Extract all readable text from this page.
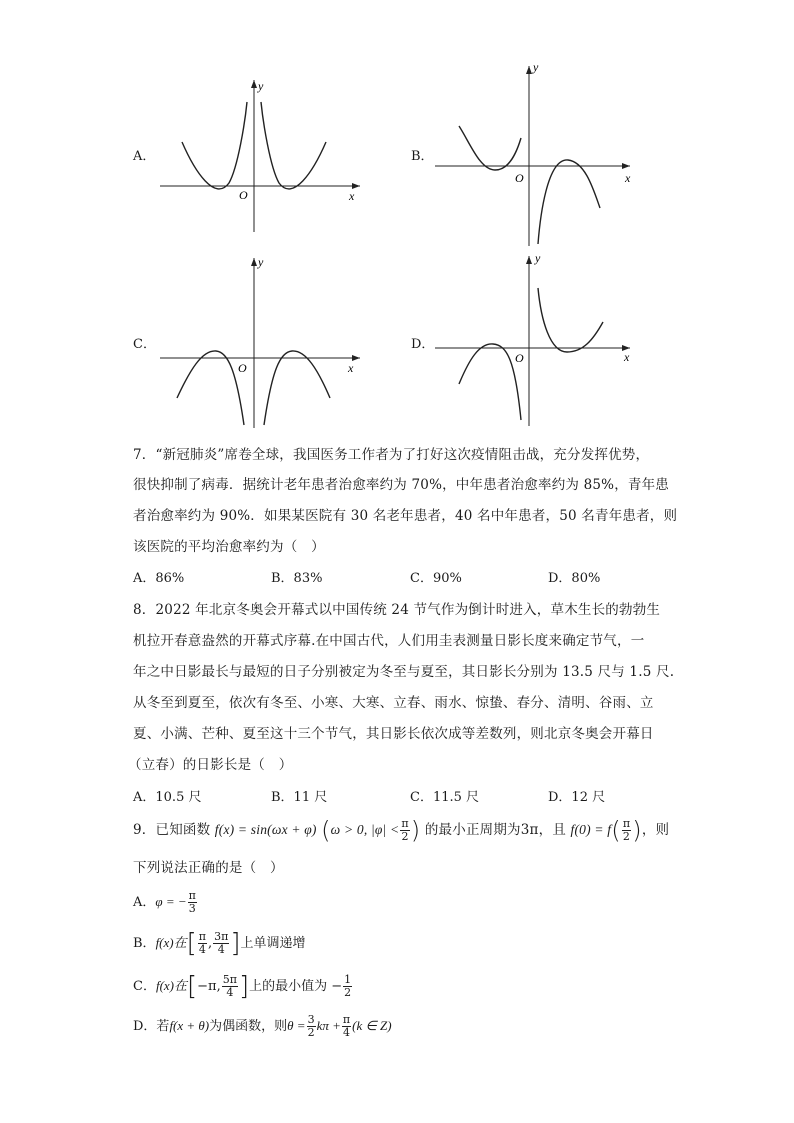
A．
y
x
O
B．
y
x
O
C．
y
x
O
D．
y
x
O
7．“新冠肺炎”席卷全球，我国医务工作者为了打好这次疫情阻击战，充分发挥优势，
很快抑制了病毒．据统计老年患者治愈率约为 70%，中年患者治愈率约为 85%，青年患
者治愈率约为 90%．如果某医院有 30 名老年患者，40 名中年患者，50 名青年患者，则
该医院的平均治愈率约为（　）
A．86%	B．83%	C．90%	D．80%
8．2022 年北京冬奥会开幕式以中国传统 24 节气作为倒计时进入，草木生长的勃勃生
机拉开春意盎然的开幕式序幕.在中国古代，人们用圭表测量日影长度来确定节气，一
年之中日影最长与最短的日子分别被定为冬至与夏至，其日影长分别为 13.5 尺与 1.5 尺.
从冬至到夏至，依次有冬至、小寒、大寒、立春、雨水、惊蛰、春分、清明、谷雨、立
夏、小满、芒种、夏至这十三个节气，其日影长依次成等差数列，则北京冬奥会开幕日
（立春）的日影长是（　）
A．10.5 尺	B．11 尺	C．11.5 尺	D．12 尺
9．已知函数 f(x) = sin(ωx + φ) (ω > 0, $|\varphi| < \frac{\pi}{2}$ ) 的最小正周期为3π，且 $f(0) = f( \frac{\pi}{2}$ )，则
下列说法正确的是（　）
A．φ = − $\frac{\pi}{3}$
B．f(x)在[ $\frac{\pi}{4}$ , $\frac{3\pi}{4}$ ]上单调递增
C．f(x)在[−π, $\frac{5\pi}{4}$ ]上的最小值为 − $\frac{1}{2}$
D．若f(x + θ)为偶函数，则$\theta = \frac{3}{2}$ $k\pi + \frac{\pi}{4} (k$ ∈ Z)
